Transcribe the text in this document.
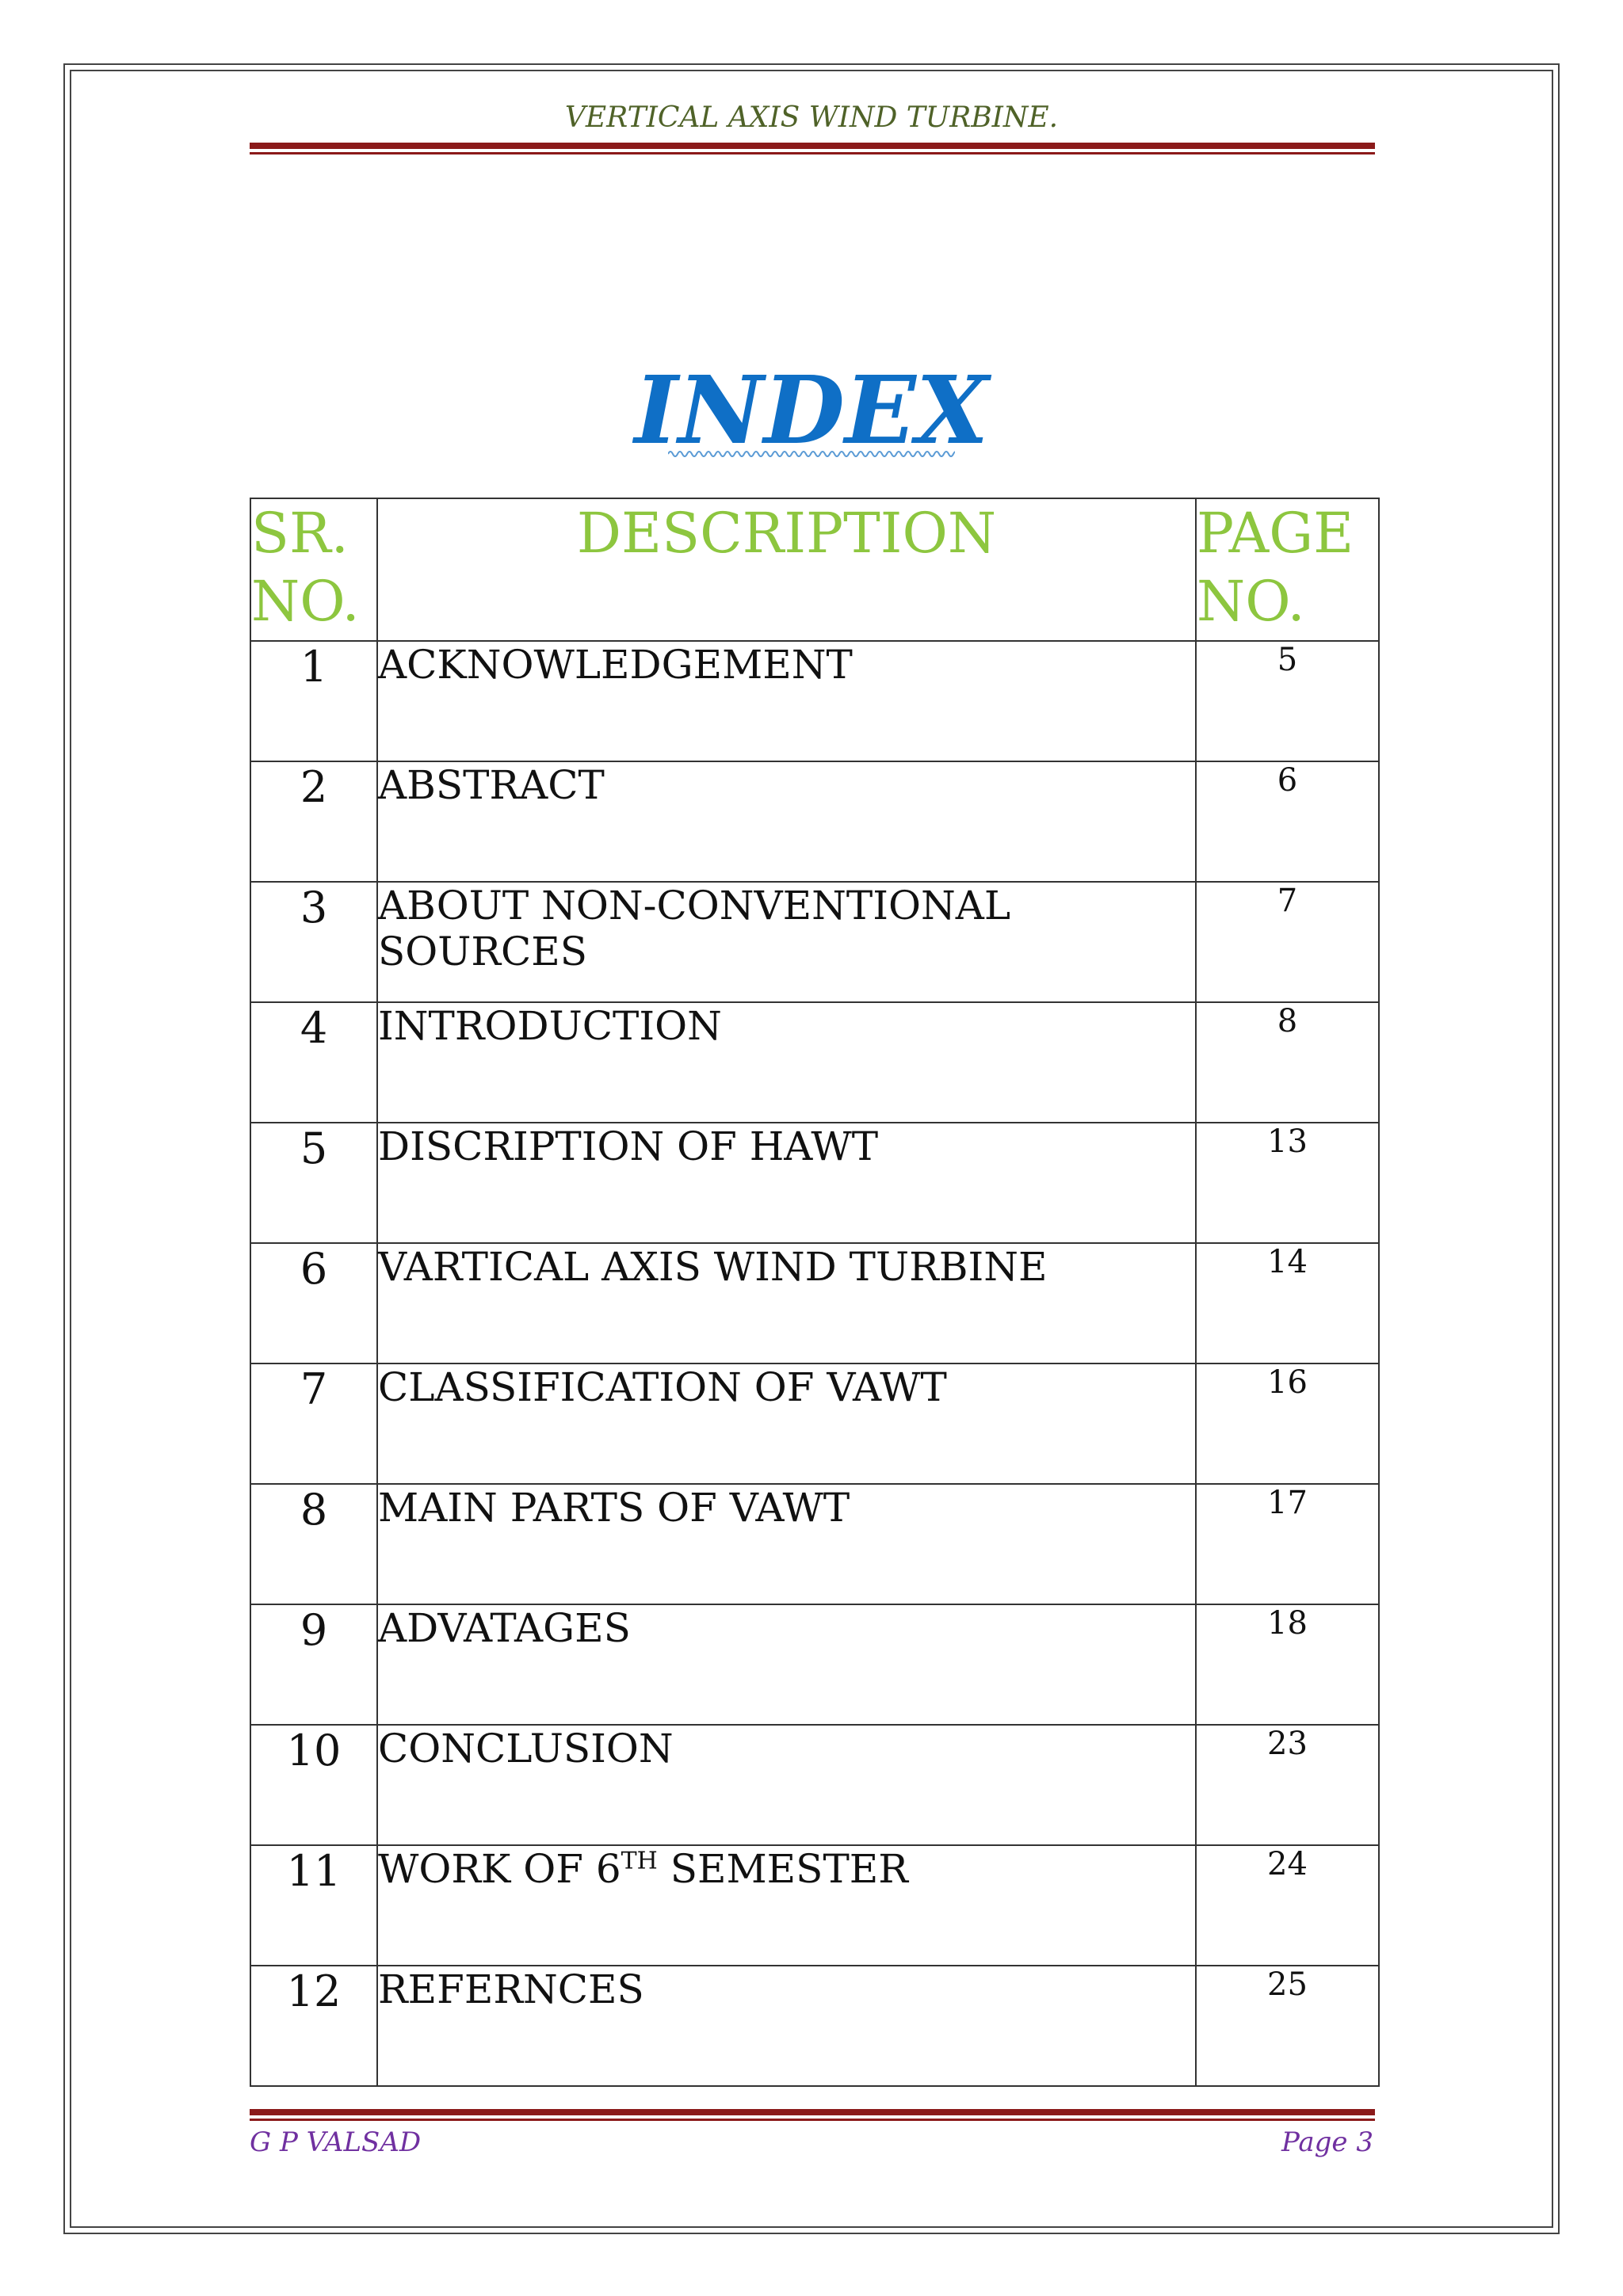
VERTICAL AXIS WIND TURBINE.
INDEX
SR. NO.	DESCRIPTION	PAGE NO.
1	ACKNOWLEDGEMENT	5
2	ABSTRACT	6
3	ABOUT NON-CONVENTIONAL SOURCES	7
4	INTRODUCTION	8
5	DISCRIPTION OF HAWT	13
6	VARTICAL AXIS WIND TURBINE	14
7	CLASSIFICATION OF VAWT	16
8	MAIN PARTS OF VAWT	17
9	ADVATAGES	18
10	CONCLUSION	23
11	WORK OF 6TH SEMESTER	24
12	REFERNCES	25
G P VALSAD	Page 3
